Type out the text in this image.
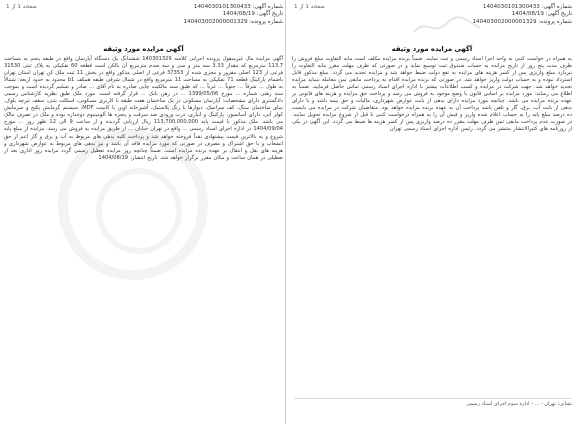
شماره آگهی: 1404030101300433
تاریخ آگهی: 1404/08/19
شماره پرونده: 140403002000001329
صفحه 1 از 1
آگهی مزایده مورد وثیقه

به همراه در خواست کتبی به واحد اجرا اسناد رسمی و ثبت نمایند. ضمناً برنده مزایده مکلف است مابه التفاوت مبلغ فروش را ظرف مدت پنج روز از تاریخ مزایده به حساب صندوق ثبت توسیع نماید و در صورتی که ظرف مهلت مقرر مابه التفاوت را نپردازد مبلغ واریزی پس از کسر هزینه های مزایده به نفع دولت ضبط خواهد شد و مزایده تجدید می گردد. مبلغ مذکور قابل استرداد نبوده و به حساب دولت واریز خواهد شد. در صورتی که برنده مزایده اقدام به پرداخت مابقی ثمن معامله ننماید مزایده تجدید خواهد شد. جهت شرکت در مزایده و کسب اطلاعات بیشتر با اداره اجرای اسناد رسمی تماس حاصل فرمایید. ضمناً به اطلاع می رساند: مورد مزایده بر اساس قانون با وضع موجود به فروش می رسد و پرداخت حق مزایده و هزینه های قانونی بر عهده برنده مزایده می باشد. چنانچه مورد مزایده دارای بدهی از بابت عوارض شهرداری، مالیات و حق بیمه باشد و یا دارای بدهی از بابت آب، برق، گاز و تلفن باشد پرداخت آن به عهده برنده مزایده خواهد بود. متقاضیان شرکت در مزایده می بایست ده درصد مبلغ پایه را به حساب اعلام شده واریز و فیش آن را به همراه درخواست کتبی تا قبل از شروع مزایده تحویل نمایند. در صورت عدم پرداخت مابقی ثمن ظرف مهلت مقرر ده درصد واریزی پس از کسر هزینه ها ضبط می گردد. این آگهی در یکی از روزنامه های کثیرالانتشار منتشر می گردد. رئیس اداره اجرای اسناد رسمی تهران

نشانی: تهران - ... - اداره سوم اجرای اسناد رسمی
شماره آگهی: 1404030101300433
تاریخ آگهی: 1404/08/19
شماره پرونده: 140403002000001329
صفحه 1 از 1
آگهی مزایده مورد وثیقه

آگهی مزایده مال غیرمنقول پرونده اجرایی کلاسه 140301329 ششدانگ یک دستگاه آپارتمان واقع در طبقه پنجم به مساحت 113.7 مترمربع که مقدار 3.33 سه متر و سی و سه صدم مترمربع آن بالکن است قطعه 60 تفکیکی به پلاک ثبتی 31530 فرعی از 123 اصلی مفروز و مجزی شده از 37353 فرعی از اصلی مذکور واقع در بخش 11 ثبت ملک کن تهران استان تهران باضمام پارکینگ قطعه 71 تفکیکی به مساحت 11 مترمربع واقع در شمال شرقی طبقه همکف b1 محدود به حدود اربعه: شمالاً به طول ... شرقاً ... جنوباً ... غرباً ... که طبق سند مالکیت چاپی صادره به نام آقای ... صادر و تسلیم گردیده است و بموجب سند رهنی شماره ... مورخ 1399/05/06 ... در رهن بانک ... قرار گرفته است. مورد ملک طبق نظریه کارشناس رسمی دادگستری دارای مشخصات: آپارتمان مسکونی در یک ساختمان هفت طبقه با کاربری مسکونی، اسکلت بتنی، سقف تیرچه بلوک، نمای ساختمان سنگ، کف سرامیک، دیوارها با رنگ پلاستیک، آشپزخانه اوپن با کابینت MDF، سیستم گرمایش پکیج و سرمایش کولر آبی، دارای آسانسور، پارکینگ و انباری، درب ورودی ضد سرقت و پنجره ها آلومینیوم دوجداره بوده و ملک در تصرف مالک می باشد. ملک مذکور با قیمت پایه 113,700,000,000 ریال ارزیابی گردیده و از ساعت 9 الی 12 ظهر روز ... مورخ 1404/09/04 در اداره اجرای اسناد رسمی ... واقع در تهران خیابان ... از طریق مزایده به فروش می رسد. مزایده از مبلغ پایه شروع و به بالاترین قیمت پیشنهادی نقداً فروخته خواهد شد و پرداخت کلیه بدهی های مربوط به آب و برق و گاز اعم از حق انشعاب و یا حق اشتراک و مصرف در صورتی که مورد مزایده فاقد آن باشد و نیز بدهی های مربوط به عوارض شهرداری و هزینه های نقل و انتقال بر عهده برنده مزایده است. ضمناً چنانچه روز مزایده تعطیل رسمی گردد مزایده روز اداری بعد از تعطیلی در همان ساعت و مکان مقرر برگزار خواهد شد. تاریخ انتشار: 1404/08/19
